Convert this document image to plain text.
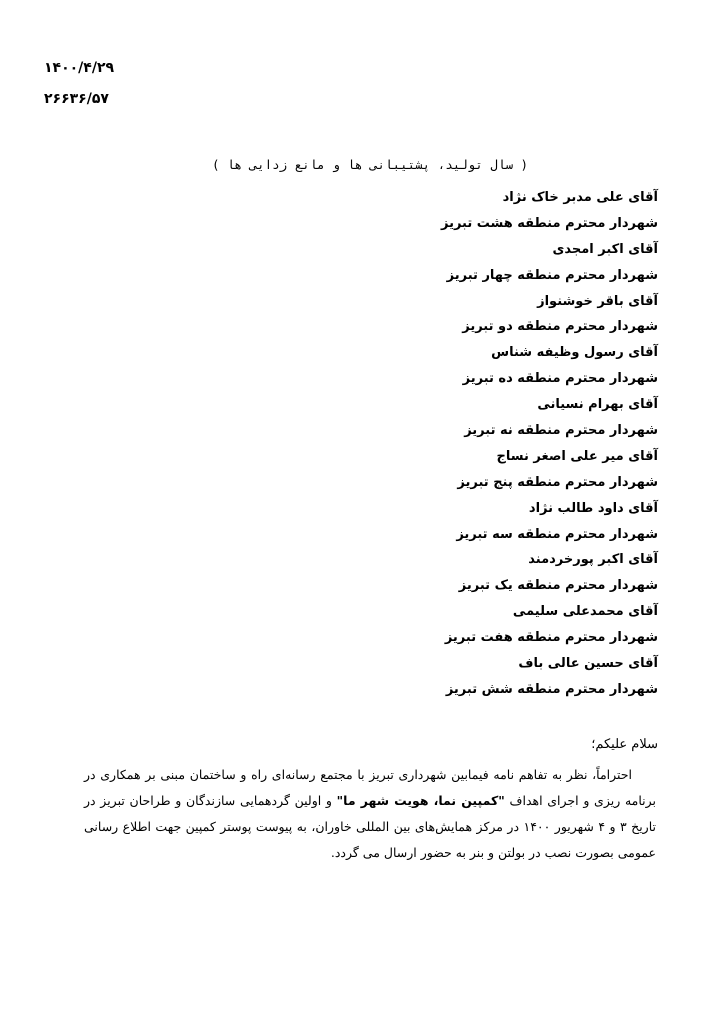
۱۴۰۰/۴/۲۹
۲۶۶۳۶/۵۷
( سال تولید، پشتیبانی ها و مانع زدایی ها )
آقای علی مدبر خاک نژاد
شهردار محترم منطقه هشت تبریز
آقای اکبر امجدی
شهردار محترم منطقه چهار تبریز
آقای باقر خوشنواز
شهردار محترم منطقه دو تبریز
آقای رسول وظیفه شناس
شهردار محترم منطقه ده تبریز
آقای بهرام نسیانی
شهردار محترم منطقه نه تبریز
آقای میر علی اصغر نساج
شهردار محترم منطقه پنج تبریز
آقای داود طالب نژاد
شهردار محترم منطقه سه تبریز
آقای اکبر پورخردمند
شهردار محترم منطقه یک تبریز
آقای محمدعلی سلیمی
شهردار محترم منطقه هفت تبریز
آقای حسین عالی باف
شهردار محترم منطقه شش تبریز
سلام علیکم؛

احتراماً، نظر به تفاهم نامه فیمابین شهرداری تبریز با مجتمع رسانه‌ای راه و ساختمان مبنی بر همکاری در برنامه ریزی و اجرای اهداف "کمپین نما، هویت شهر ما" و اولین گردهمایی سازندگان و طراحان تبریز در تاریخ ۳ و ۴ شهریور ۱۴۰۰ در مرکز همایش‌های بین المللی خاوران، به پیوست پوستر کمپین جهت اطلاع رسانی عمومی بصورت نصب در بولتن و بنر به حضور ارسال می گردد.
